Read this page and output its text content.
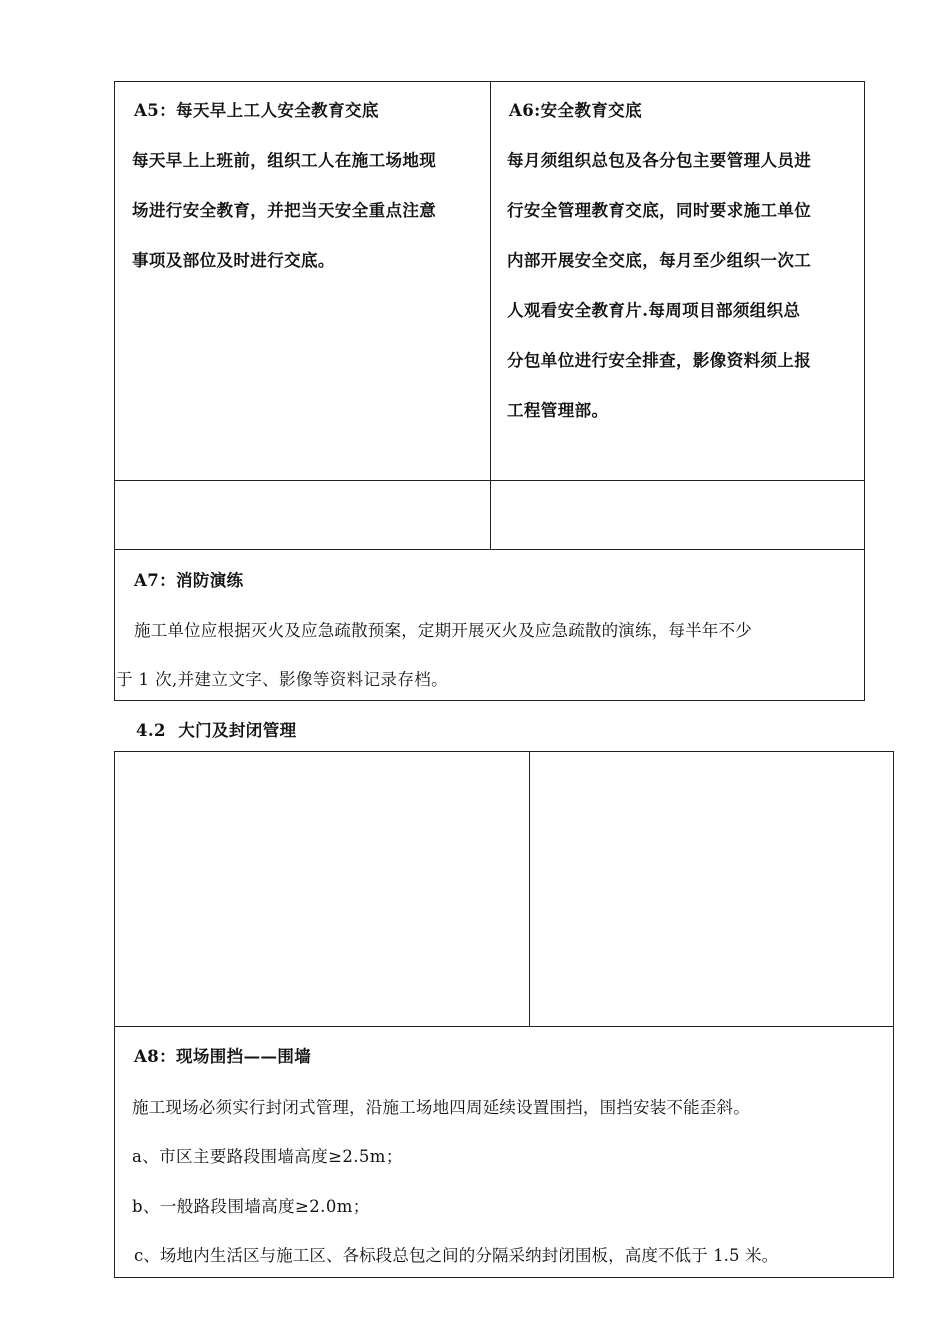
A5：每天早上工人安全教育交底
每天早上上班前，组织工人在施工场地现
场进行安全教育，并把当天安全重点注意
事项及部位及时进行交底。
A6:安全教育交底
每月须组织总包及各分包主要管理人员进
行安全管理教育交底，同时要求施工单位
内部开展安全交底，每月至少组织一次工
人观看安全教育片.每周项目部须组织总
分包单位进行安全排查，影像资料须上报
工程管理部。
A7：消防演练
施工单位应根据灭火及应急疏散预案，定期开展灭火及应急疏散的演练，每半年不少
于 1 次,并建立文字、影像等资料记录存档。
4.2  大门及封闭管理
A8：现场围挡——围墙
施工现场必须实行封闭式管理，沿施工场地四周延续设置围挡，围挡安装不能歪斜。
a、市区主要路段围墙高度≥2.5m；
b、一般路段围墙高度≥2.0m；
c、场地内生活区与施工区、各标段总包之间的分隔采纳封闭围板，高度不低于 1.5 米。
